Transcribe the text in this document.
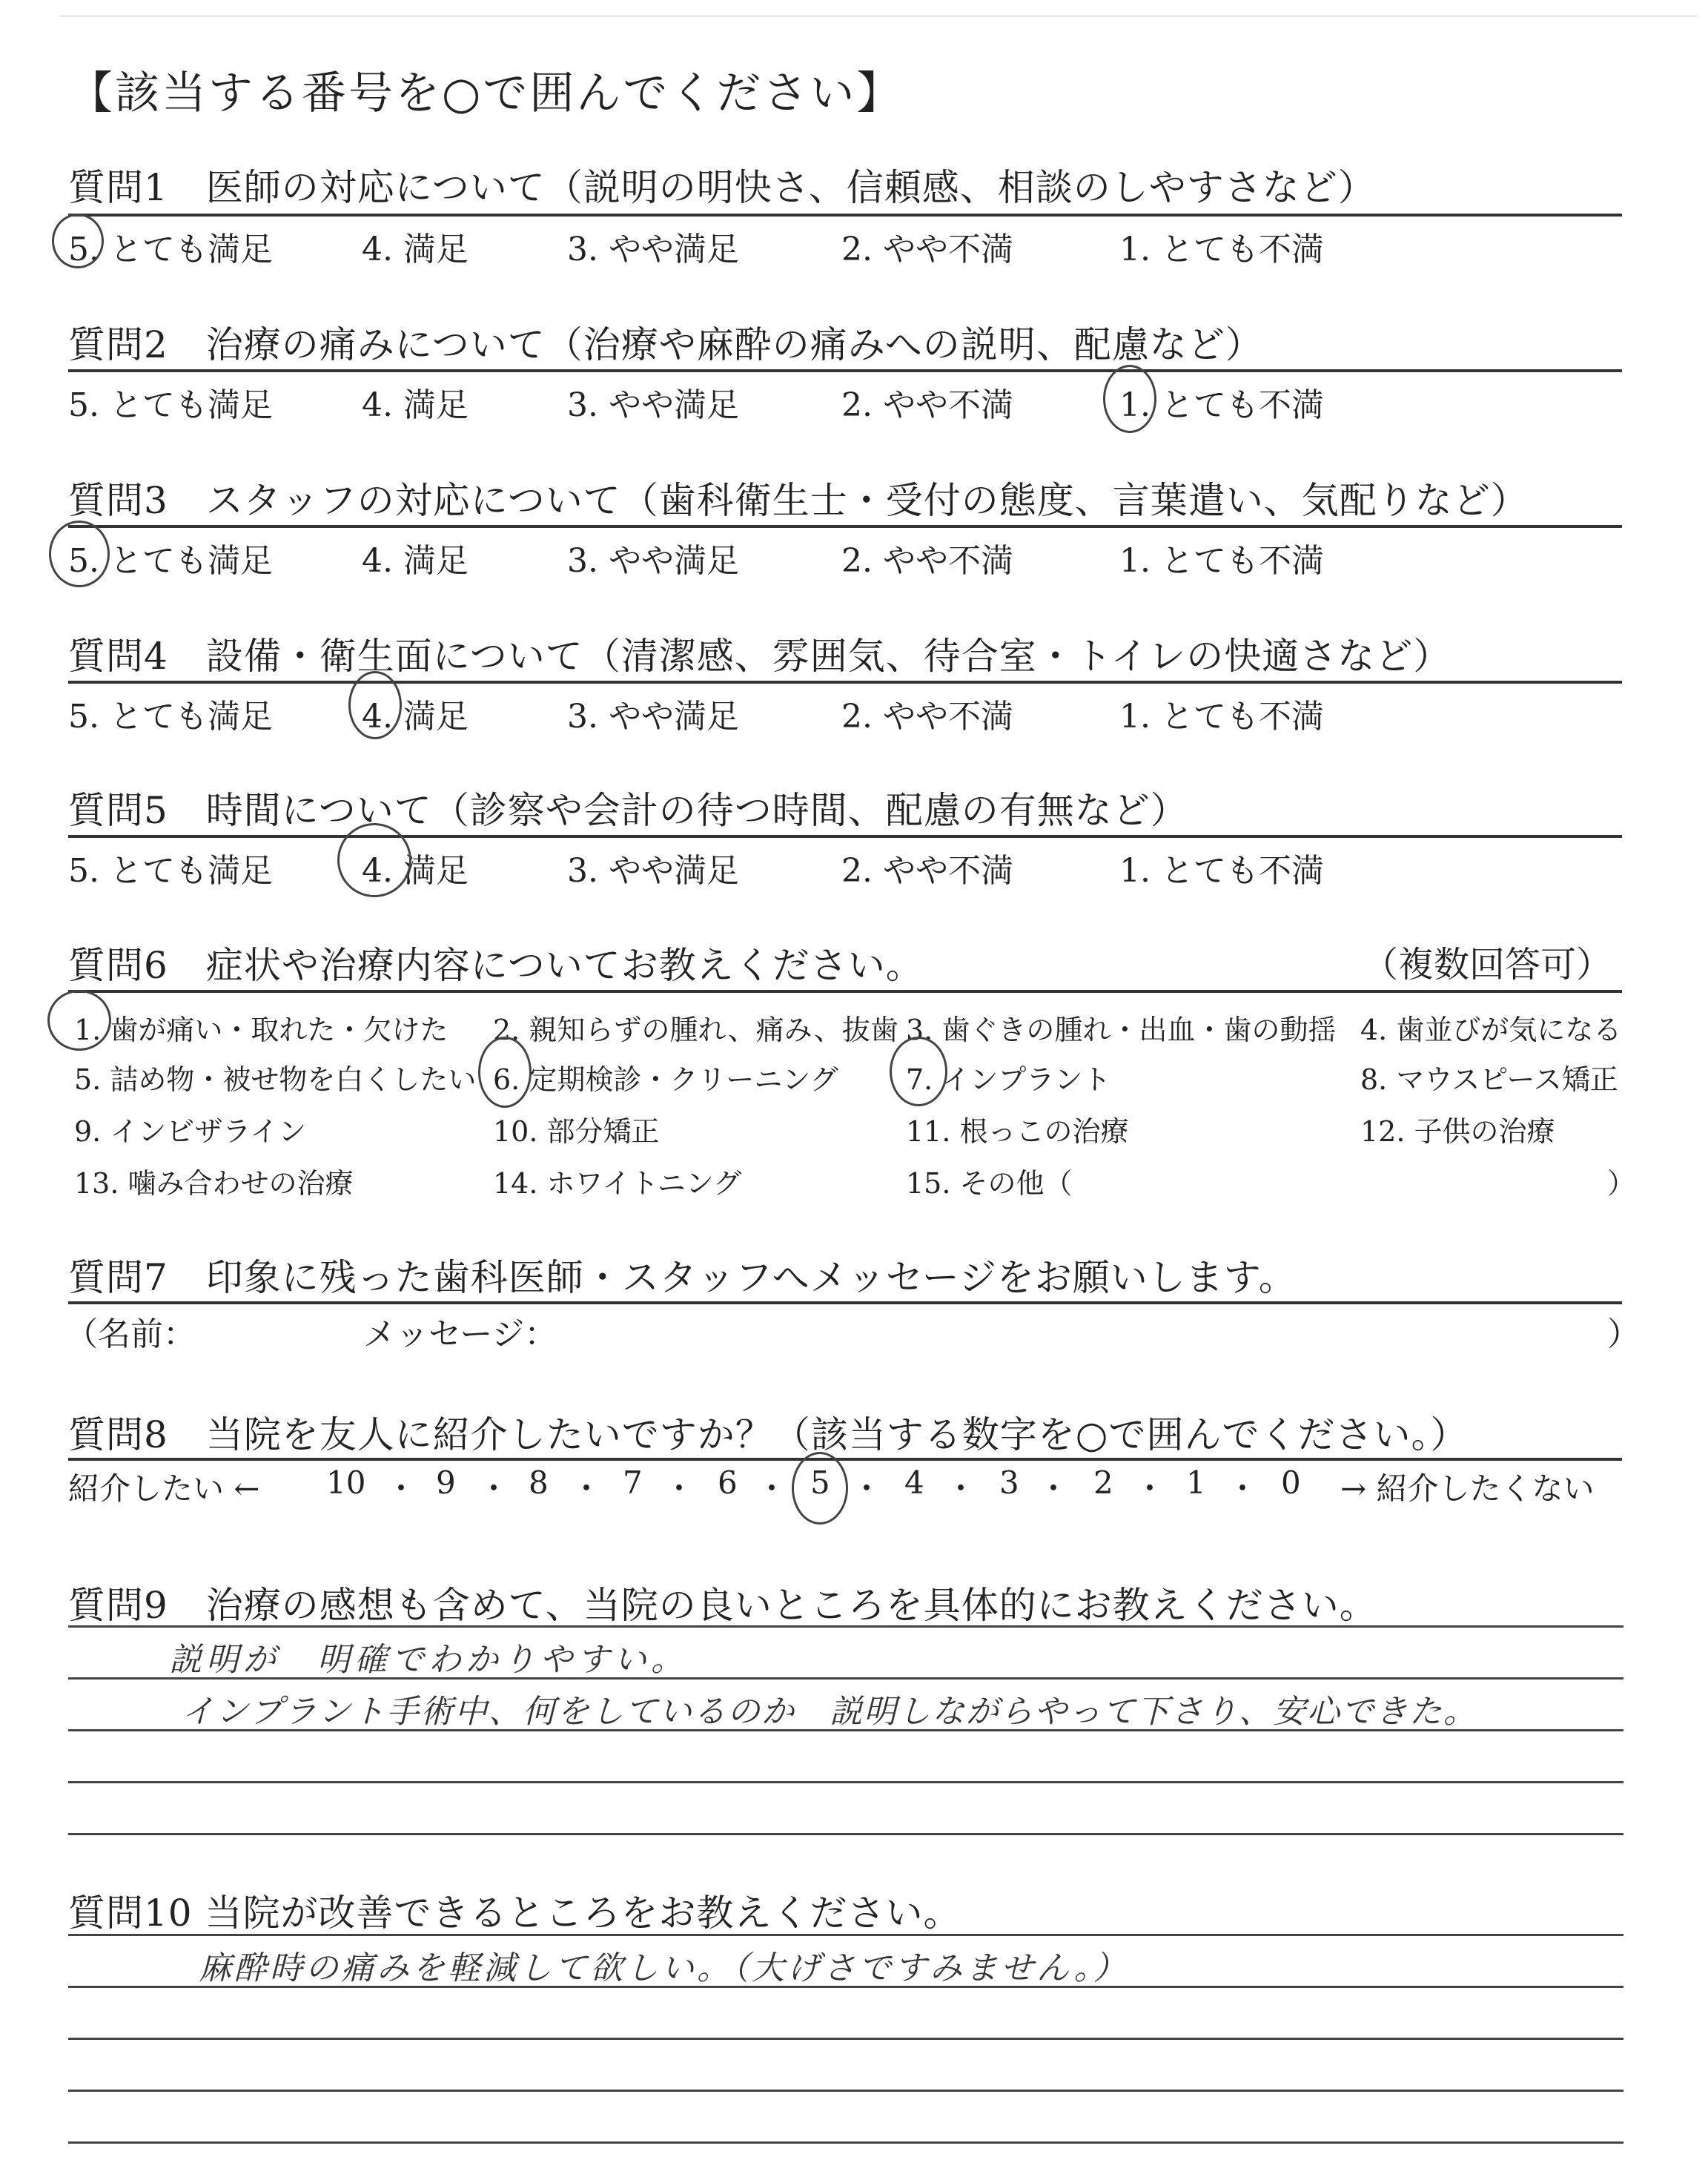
【該当する番号を○で囲んでください】
質問1　医師の対応について（説明の明快さ、信頼感、相談のしやすさなど）
5. とても満足	4. 満足	3. やや満足	2. やや不満	1. とても不満
質問2　治療の痛みについて（治療や麻酔の痛みへの説明、配慮など）
5. とても満足	4. 満足	3. やや満足	2. やや不満	1. とても不満
質問3　スタッフの対応について（歯科衛生士・受付の態度、言葉遣い、気配りなど）
5. とても満足	4. 満足	3. やや満足	2. やや不満	1. とても不満
質問4　設備・衛生面について（清潔感、雰囲気、待合室・トイレの快適さなど）
5. とても満足	4. 満足	3. やや満足	2. やや不満	1. とても不満
質問5　時間について（診察や会計の待つ時間、配慮の有無など）
5. とても満足	4. 満足	3. やや満足	2. やや不満	1. とても不満
質問6　症状や治療内容についてお教えください。	（複数回答可）
1. 歯が痛い・取れた・欠けた 2. 親知らずの腫れ、痛み、抜歯 3. 歯ぐきの腫れ・出血・歯の動揺 4. 歯並びが気になる
5. 詰め物・被せ物を白くしたい 6. 定期検診・クリーニング 7. インプラント	8. マウスピース矯正
9. インビザライン	10. 部分矯正	11. 根っこの治療	12. 子供の治療
13. 噛み合わせの治療	14. ホワイトニング	15. その他（	）
質問7　印象に残った歯科医師・スタッフへメッセージをお願いします。
（名前：	メッセージ：	）
質問8　当院を友人に紹介したいですか？（該当する数字を○で囲んでください。）
紹介したい ← 10 ・ 9 ・ 8 ・ 7 ・ 6 ・ 5 ・ 4 ・ 3 ・ 2 ・ 1 ・ 0 → 紹介したくない
質問9　治療の感想も含めて、当院の良いところを具体的にお教えください。
説明が　明確でわかりやすい。
インプラント手術中、何をしているのか　説明しながらやって下さり、安心できた。
質問10 当院が改善できるところをお教えください。
麻酔時の痛みを軽減して欲しい。（大げさですみません。）
